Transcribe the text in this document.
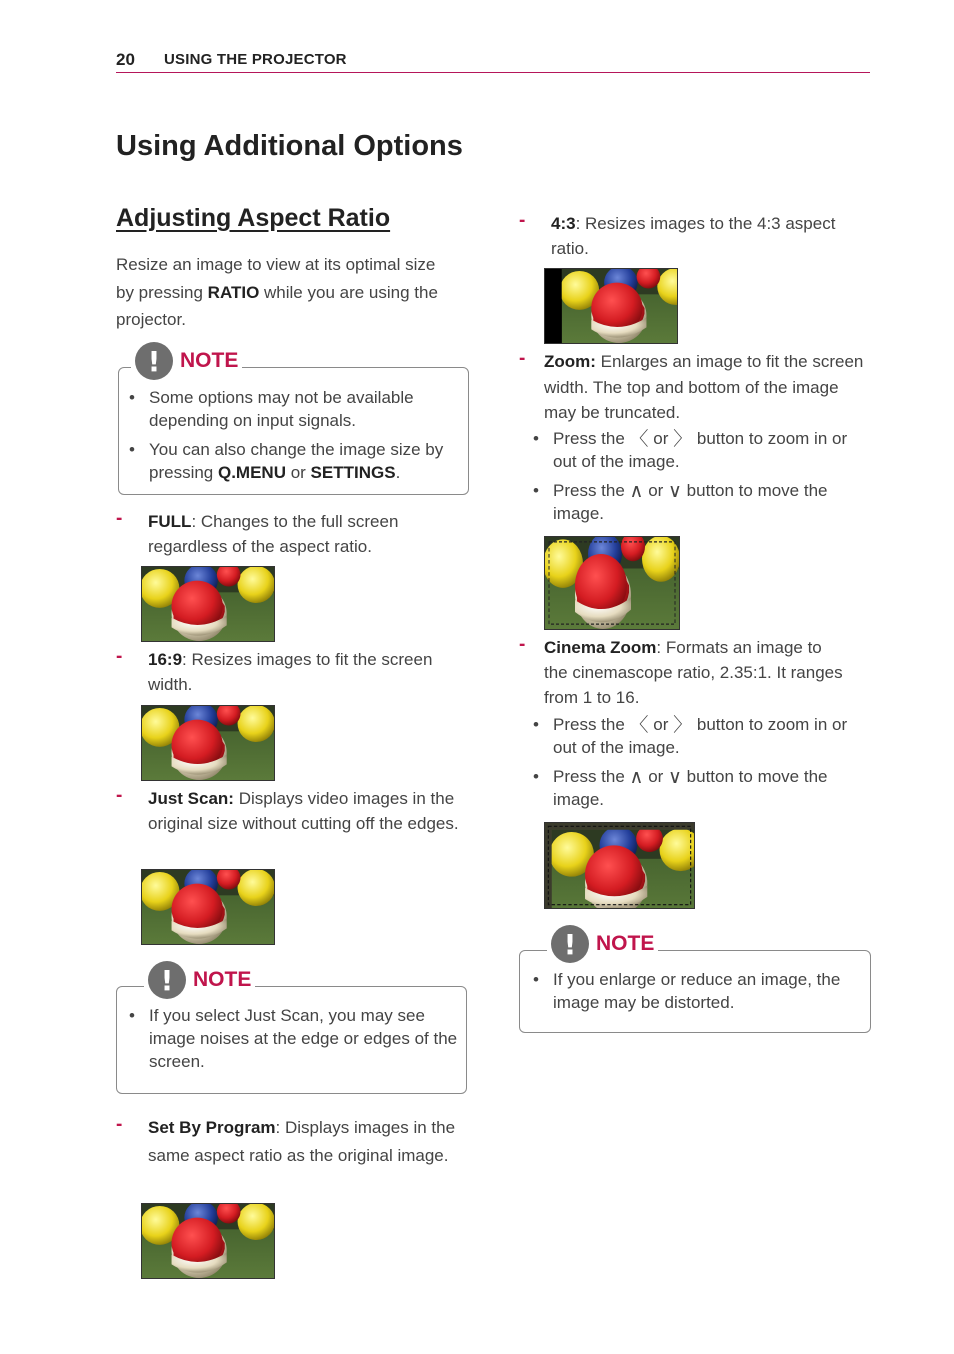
20 USING THE PROJECTOR
Using Additional Options
Adjusting Aspect Ratio
Resize an image to view at its optimal size by pressing RATIO while you are using the projector.
! NOTE
• Some options may not be available depending on input signals.
• You can also change the image size by pressing Q.MENU or SETTINGS.
- FULL: Changes to the full screen regardless of the aspect ratio.
- 16:9: Resizes images to fit the screen width.
- Just Scan: Displays video images in the original size without cutting off the edges.
! NOTE
• If you select Just Scan, you may see image noises at the edge or edges of the screen.
- Set By Program: Displays images in the same aspect ratio as the original image.
- 4:3: Resizes images to the 4:3 aspect ratio.
- Zoom: Enlarges an image to fit the screen width. The top and bottom of the image may be truncated.
• Press the 〈 or 〉 button to zoom in or out of the image.
• Press the ∧ or ∨ button to move the image.
- Cinema Zoom: Formats an image to the cinemascope ratio, 2.35:1. It ranges from 1 to 16.
• Press the 〈 or 〉 button to zoom in or out of the image.
• Press the ∧ or ∨ button to move the image.
! NOTE
• If you enlarge or reduce an image, the image may be distorted.
